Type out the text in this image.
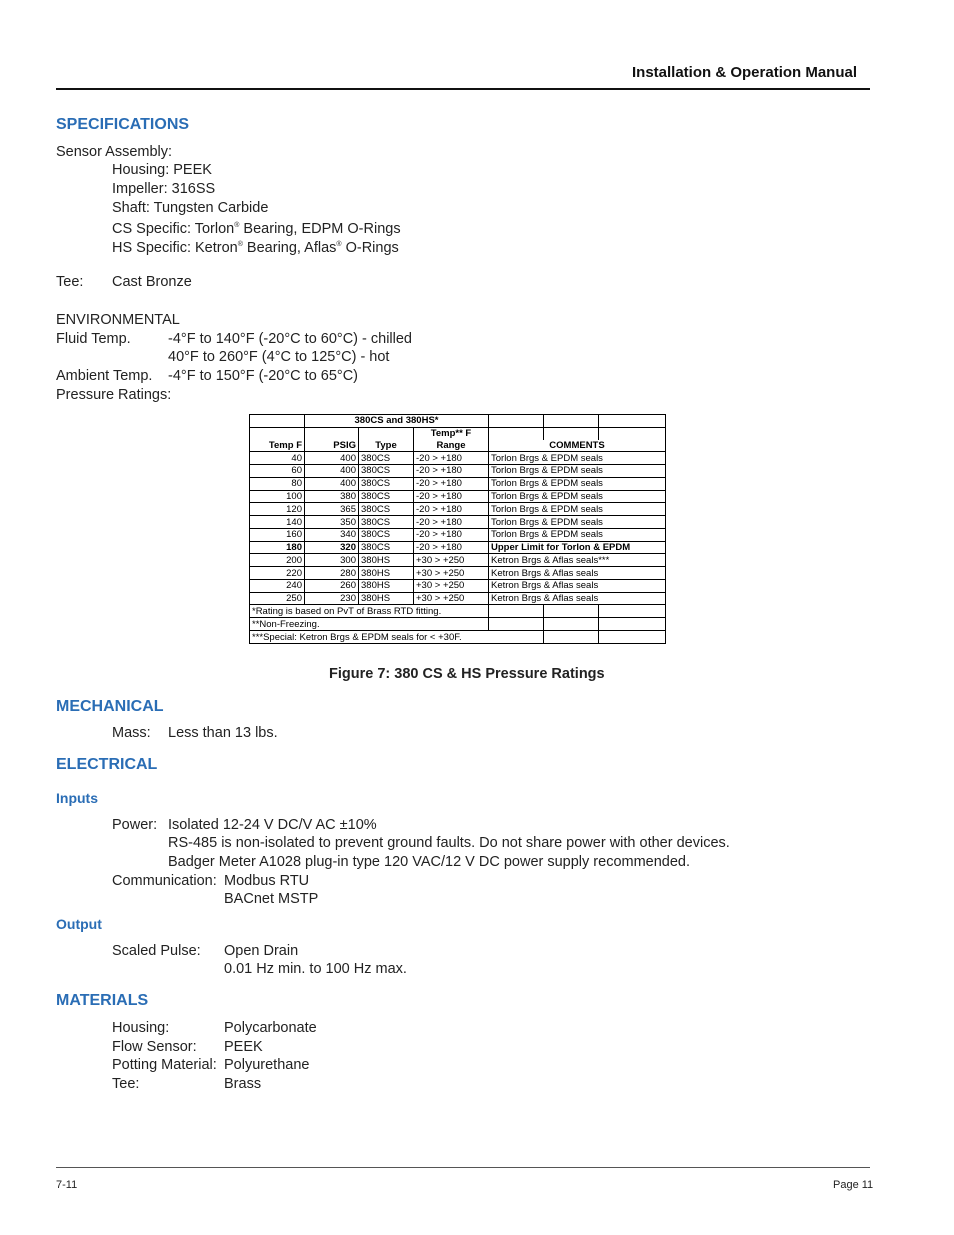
Installation & Operation Manual
SPECIFICATIONS
Sensor Assembly:
Housing: PEEK
Impeller: 316SS
Shaft: Tungsten Carbide
CS Specific: Torlon® Bearing, EDPM O-Rings
HS Specific: Ketron® Bearing, Aflas® O-Rings
Tee: Cast Bronze
ENVIRONMENTAL
Fluid Temp.	-4°F to 140°F (-20°C to 60°C) - chilled
40°F to 260°F (4°C to 125°C) - hot
Ambient Temp. -4°F to 150°F (-20°C to 65°C)
Pressure Ratings:
	380CS and 380HS*					
			Temp** F			
Temp F	PSIG	Type	Range	COMMENTS		
40	400	380CS	-20 > +180	Torlon Brgs & EPDM seals		
60	400	380CS	-20 > +180	Torlon Brgs & EPDM seals		
80	400	380CS	-20 > +180	Torlon Brgs & EPDM seals		
100	380	380CS	-20 > +180	Torlon Brgs & EPDM seals		
120	365	380CS	-20 > +180	Torlon Brgs & EPDM seals		
140	350	380CS	-20 > +180	Torlon Brgs & EPDM seals		
160	340	380CS	-20 > +180	Torlon Brgs & EPDM seals		
180	320	380CS	-20 > +180	Upper Limit for Torlon & EPDM		
200	300	380HS	+30 > +250	Ketron Brgs & Aflas seals***		
220	280	380HS	+30 > +250	Ketron Brgs & Aflas seals		
240	260	380HS	+30 > +250	Ketron Brgs & Aflas seals		
250	230	380HS	+30 > +250	Ketron Brgs & Aflas seals		
*Rating is based on PvT of Brass RTD fitting.						
**Non-Freezing.						
***Special: Ketron Brgs & EPDM seals for < +30F.						
Figure 7: 380 CS & HS Pressure Ratings
MECHANICAL
Mass: Less than 13 lbs.
ELECTRICAL
Inputs
Power: Isolated 12-24 V DC/V AC ±10%
RS-485 is non-isolated to prevent ground faults. Do not share power with other devices.
Badger Meter A1028 plug-in type 120 VAC/12 V DC power supply recommended.
Communication: Modbus RTU
BACnet MSTP
Output
Scaled Pulse: Open Drain
0.01 Hz min. to 100 Hz max.
MATERIALS
Housing:	Polycarbonate
Flow Sensor: PEEK
Potting Material: Polyurethane
Tee:	Brass
7-11	Page 11
